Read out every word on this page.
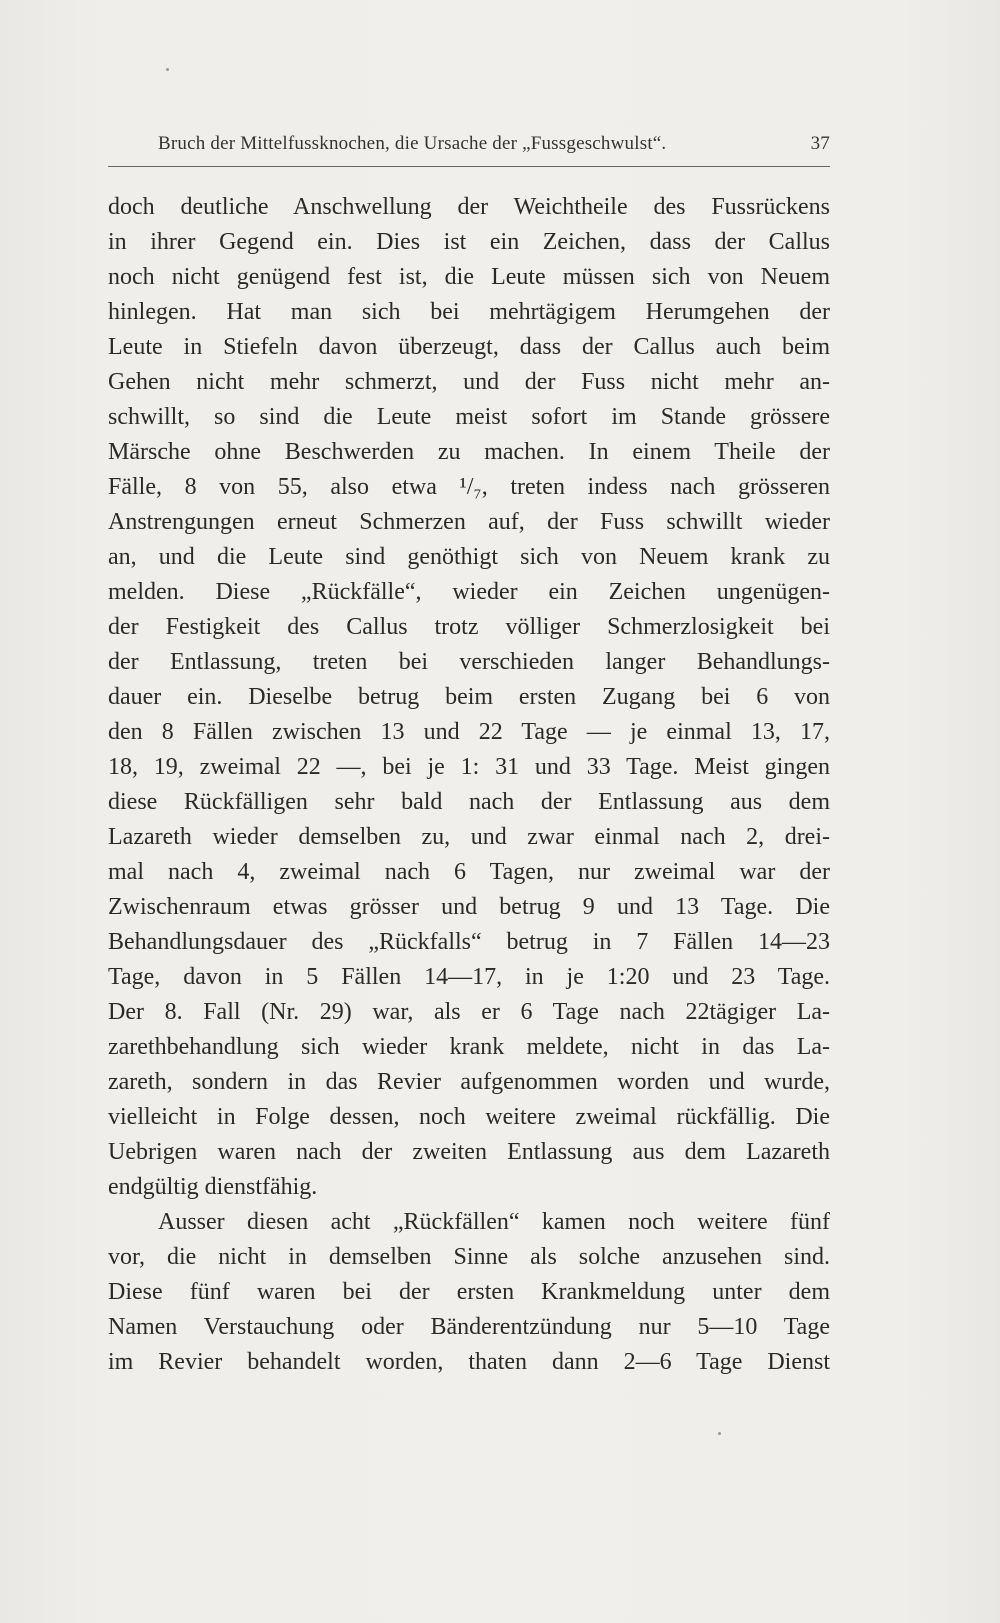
Bruch der Mittelfussknochen, die Ursache der „Fussgeschwulst“.	37
doch deutliche Anschwellung der Weichtheile des Fussrückens
in ihrer Gegend ein. Dies ist ein Zeichen, dass der Callus
noch nicht genügend fest ist, die Leute müssen sich von Neuem
hinlegen. Hat man sich bei mehrtägigem Herumgehen der
Leute in Stiefeln davon überzeugt, dass der Callus auch beim
Gehen nicht mehr schmerzt, und der Fuss nicht mehr an-
schwillt, so sind die Leute meist sofort im Stande grössere
Märsche ohne Beschwerden zu machen. In einem Theile der
Fälle, 8 von 55, also etwa ¹/₇, treten indess nach grösseren
Anstrengungen erneut Schmerzen auf, der Fuss schwillt wieder
an, und die Leute sind genöthigt sich von Neuem krank zu
melden. Diese „Rückfälle“, wieder ein Zeichen ungenügen-
der Festigkeit des Callus trotz völliger Schmerzlosigkeit bei
der Entlassung, treten bei verschieden langer Behandlungs-
dauer ein. Dieselbe betrug beim ersten Zugang bei 6 von
den 8 Fällen zwischen 13 und 22 Tage — je einmal 13, 17,
18, 19, zweimal 22 —, bei je 1: 31 und 33 Tage. Meist gingen
diese Rückfälligen sehr bald nach der Entlassung aus dem
Lazareth wieder demselben zu, und zwar einmal nach 2, drei-
mal nach 4, zweimal nach 6 Tagen, nur zweimal war der
Zwischenraum etwas grösser und betrug 9 und 13 Tage. Die
Behandlungsdauer des „Rückfalls“ betrug in 7 Fällen 14—23
Tage, davon in 5 Fällen 14—17, in je 1:20 und 23 Tage.
Der 8. Fall (Nr. 29) war, als er 6 Tage nach 22tägiger La-
zarethbehandlung sich wieder krank meldete, nicht in das La-
zareth, sondern in das Revier aufgenommen worden und wurde,
vielleicht in Folge dessen, noch weitere zweimal rückfällig. Die
Uebrigen waren nach der zweiten Entlassung aus dem Lazareth
endgültig dienstfähig.
Ausser diesen acht „Rückfällen“ kamen noch weitere fünf
vor, die nicht in demselben Sinne als solche anzusehen sind.
Diese fünf waren bei der ersten Krankmeldung unter dem
Namen Verstauchung oder Bänderentzündung nur 5—10 Tage
im Revier behandelt worden, thaten dann 2—6 Tage Dienst
